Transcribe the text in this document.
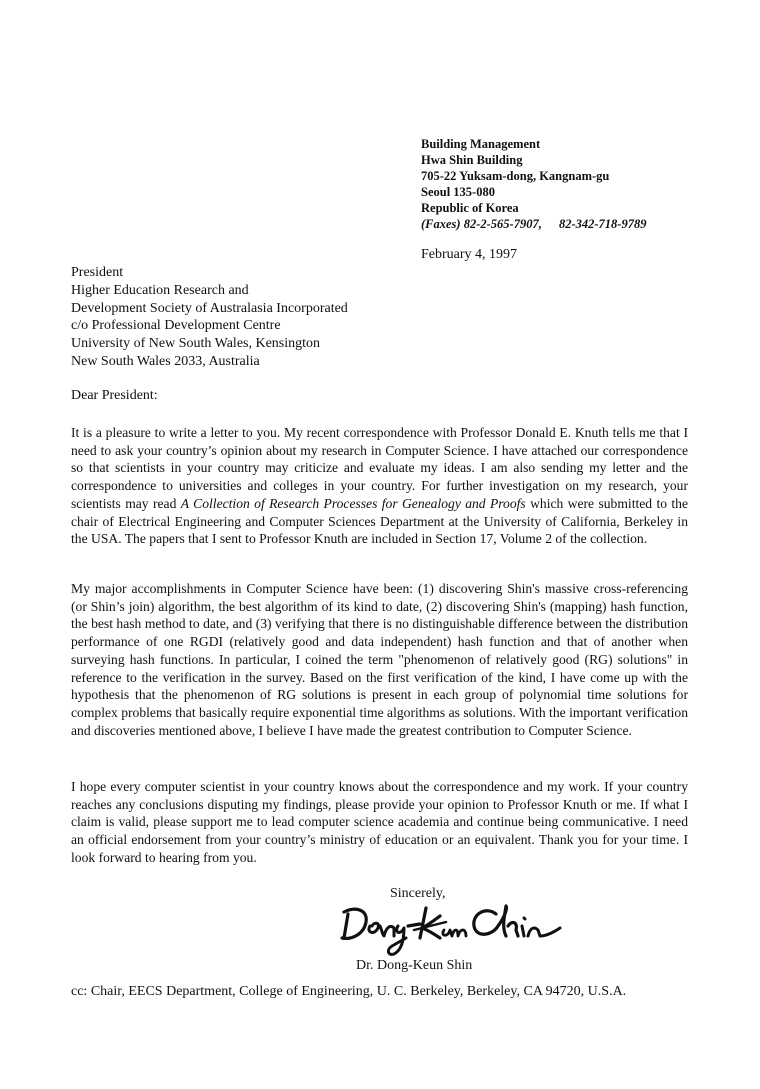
Building Management
Hwa Shin Building
705-22 Yuksam-dong, Kangnam-gu
Seoul 135-080
Republic of Korea
(Faxes) 82-2-565-7907, 82-342-718-9789
February 4, 1997
President
Higher Education Research and
Development Society of Australasia Incorporated
c/o Professional Development Centre
University of New South Wales, Kensington
New South Wales 2033, Australia
Dear President:
It is a pleasure to write a letter to you. My recent correspondence with Professor Donald E. Knuth tells me that I need to ask your country’s opinion about my research in Computer Science. I have attached our correspondence so that scientists in your country may criticize and evaluate my ideas. I am also sending my letter and the correspondence to universities and colleges in your country. For further investigation on my research, your scientists may read A Collection of Research Processes for Genealogy and Proofs which were submitted to the chair of Electrical Engineering and Computer Sciences Department at the University of California, Berkeley in the USA. The papers that I sent to Professor Knuth are included in Section 17, Volume 2 of the collection.
My major accomplishments in Computer Science have been: (1) discovering Shin's massive cross-referencing (or Shin’s join) algorithm, the best algorithm of its kind to date, (2) discovering Shin's (mapping) hash function, the best hash method to date, and (3) verifying that there is no distinguishable difference between the distribution performance of one RGDI (relatively good and data independent) hash function and that of another when surveying hash functions. In particular, I coined the term "phenomenon of relatively good (RG) solutions" in reference to the verification in the survey. Based on the first verification of the kind, I have come up with the hypothesis that the phenomenon of RG solutions is present in each group of polynomial time solutions for complex problems that basically require exponential time algorithms as solutions. With the important verification and discoveries mentioned above, I believe I have made the greatest contribution to Computer Science.
I hope every computer scientist in your country knows about the correspondence and my work. If your country reaches any conclusions disputing my findings, please provide your opinion to Professor Knuth or me. If what I claim is valid, please support me to lead computer science academia and continue being communicative. I need an official endorsement from your country’s ministry of education or an equivalent. Thank you for your time. I look forward to hearing from you.
Sincerely,
Dr. Dong-Keun Shin
cc: Chair, EECS Department, College of Engineering, U. C. Berkeley, Berkeley, CA 94720, U.S.A.
